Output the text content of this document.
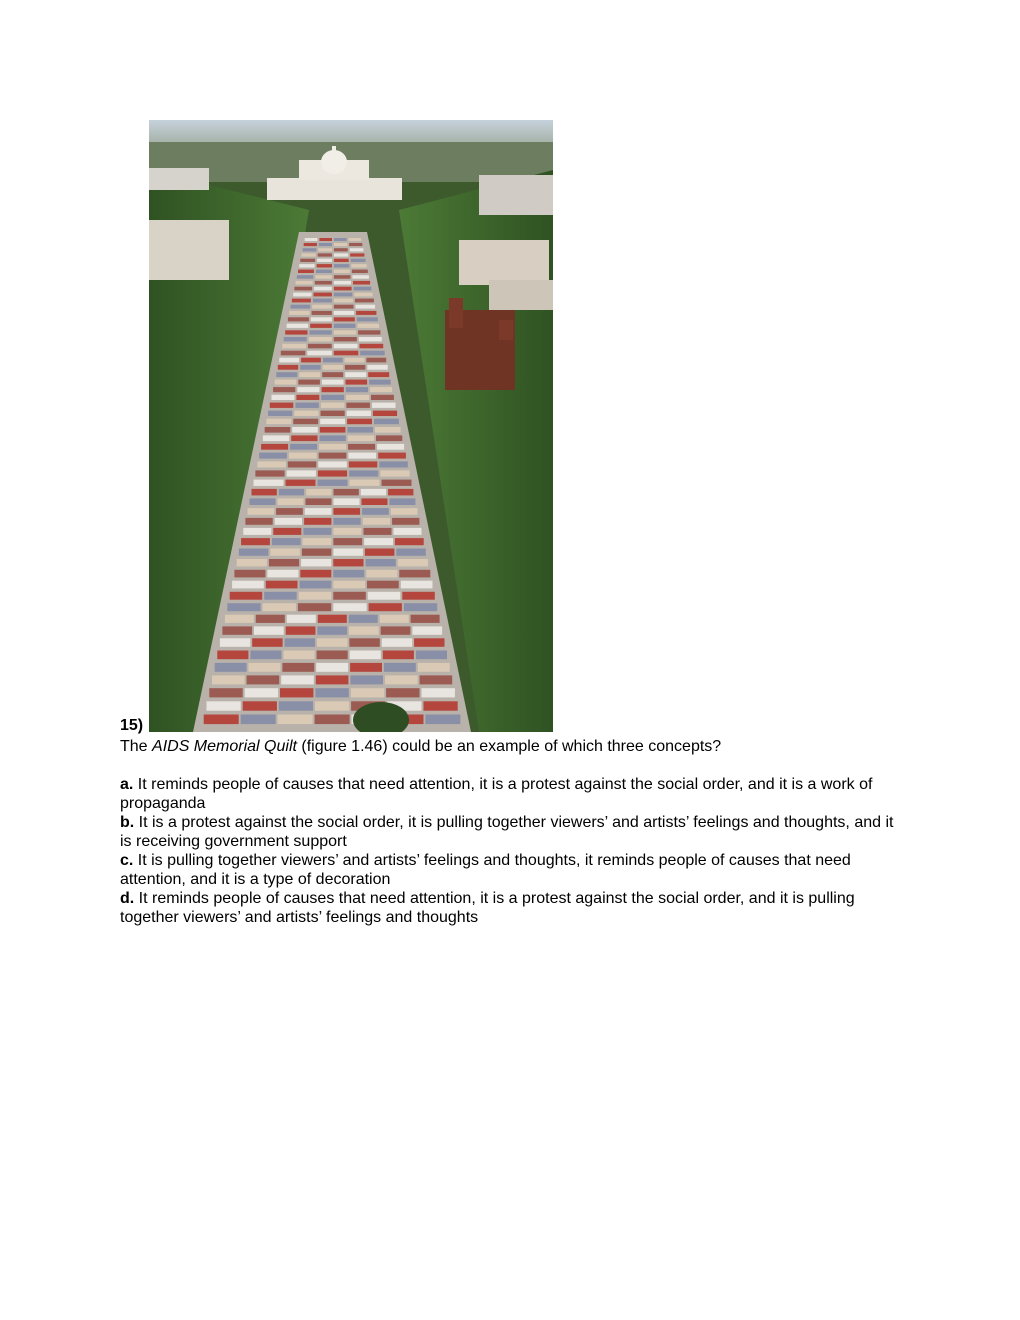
15)

The AIDS Memorial Quilt (figure 1.46) could be an example of which three concepts?

a. It reminds people of causes that need attention, it is a protest against the social order, and it is a work of propaganda

b. It is a protest against the social order, it is pulling together viewers’ and artists’ feelings and thoughts, and it is receiving government support

c. It is pulling together viewers’ and artists’ feelings and thoughts, it reminds people of causes that need attention, and it is a type of decoration

d. It reminds people of causes that need attention, it is a protest against the social order, and it is pulling together viewers’ and artists’ feelings and thoughts
